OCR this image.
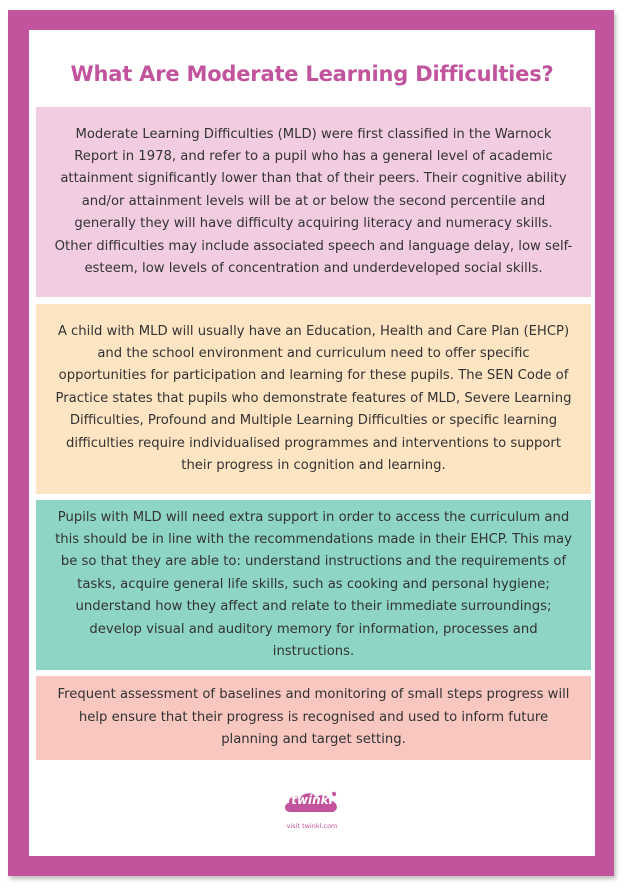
What Are Moderate Learning Difficulties?

Moderate Learning Difficulties (MLD) were first classified in the Warnock Report in 1978, and refer to a pupil who has a general level of academic attainment significantly lower than that of their peers. Their cognitive ability and/or attainment levels will be at or below the second percentile and generally they will have difficulty acquiring literacy and numeracy skills. Other difficulties may include associated speech and language delay, low self-esteem, low levels of concentration and underdeveloped social skills.

A child with MLD will usually have an Education, Health and Care Plan (EHCP) and the school environment and curriculum need to offer specific opportunities for participation and learning for these pupils. The SEN Code of Practice states that pupils who demonstrate features of MLD, Severe Learning Difficulties, Profound and Multiple Learning Difficulties or specific learning difficulties require individualised programmes and interventions to support their progress in cognition and learning.

Pupils with MLD will need extra support in order to access the curriculum and this should be in line with the recommendations made in their EHCP. This may be so that they are able to: understand instructions and the requirements of tasks, acquire general life skills, such as cooking and personal hygiene; understand how they affect and relate to their immediate surroundings; develop visual and auditory memory for information, processes and instructions.

Frequent assessment of baselines and monitoring of small steps progress will help ensure that their progress is recognised and used to inform future planning and target setting.

twinkl
visit twinkl.com
